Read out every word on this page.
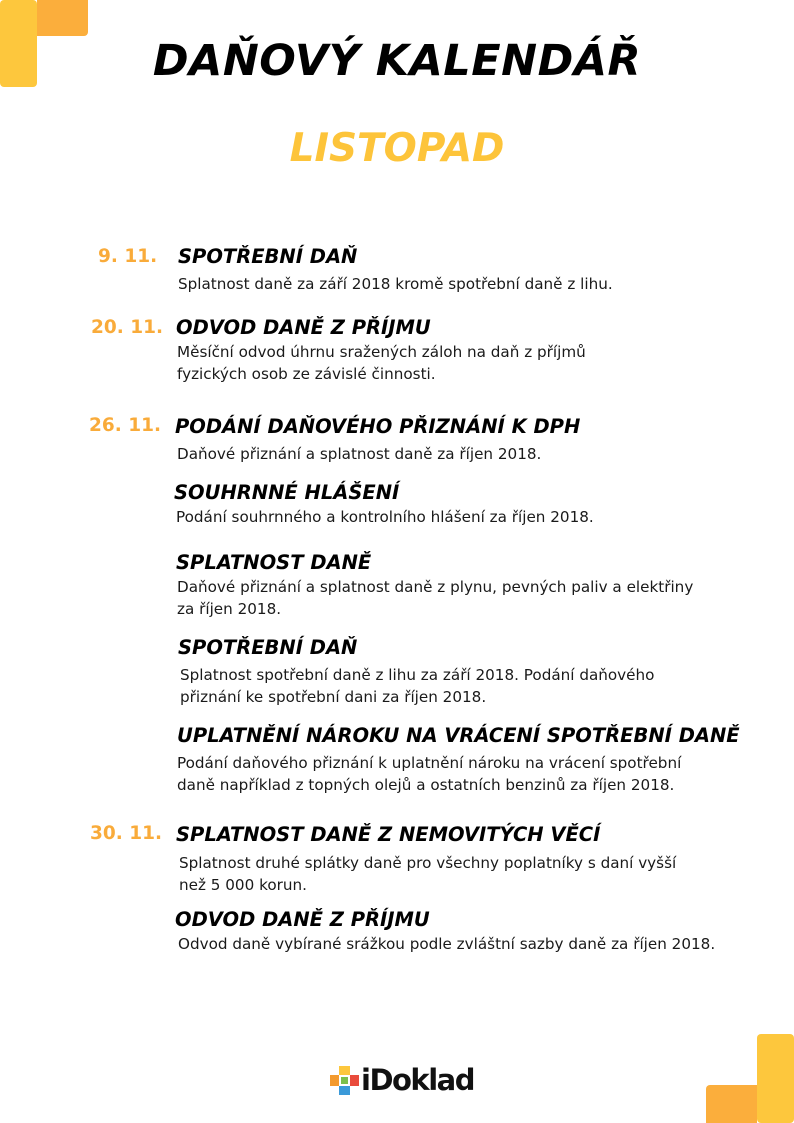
DAŇOVÝ KALENDÁŘ
LISTOPAD
9. 11. SPOTŘEBNÍ DAŇ
Splatnost daně za září 2018 kromě spotřební daně z lihu.
20. 11. ODVOD DANĚ Z PŘÍJMU
Měsíční odvod úhrnu sražených záloh na daň z příjmů fyzických osob ze závislé činnosti.
26. 11. PODÁNÍ DAŇOVÉHO PŘIZNÁNÍ K DPH
Daňové přiznání a splatnost daně za říjen 2018.
SOUHRNNÉ HLÁŠENÍ
Podání souhrnného a kontrolního hlášení za říjen 2018.
SPLATNOST DANĚ
Daňové přiznání a splatnost daně z plynu, pevných paliv a elektřiny za říjen 2018.
SPOTŘEBNÍ DAŇ
Splatnost spotřební daně z lihu za září 2018. Podání daňového přiznání ke spotřební dani za říjen 2018.
UPLATNĚNÍ NÁROKU NA VRÁCENÍ SPOTŘEBNÍ DANĚ
Podání daňového přiznání k uplatnění nároku na vrácení spotřební daně například z topných olejů a ostatních benzinů za říjen 2018.
30. 11. SPLATNOST DANĚ Z NEMOVITÝCH VĚCÍ
Splatnost druhé splátky daně pro všechny poplatníky s daní vyšší než 5 000 korun.
ODVOD DANĚ Z PŘÍJMU
Odvod daně vybírané srážkou podle zvláštní sazby daně za říjen 2018.
iDoklad
